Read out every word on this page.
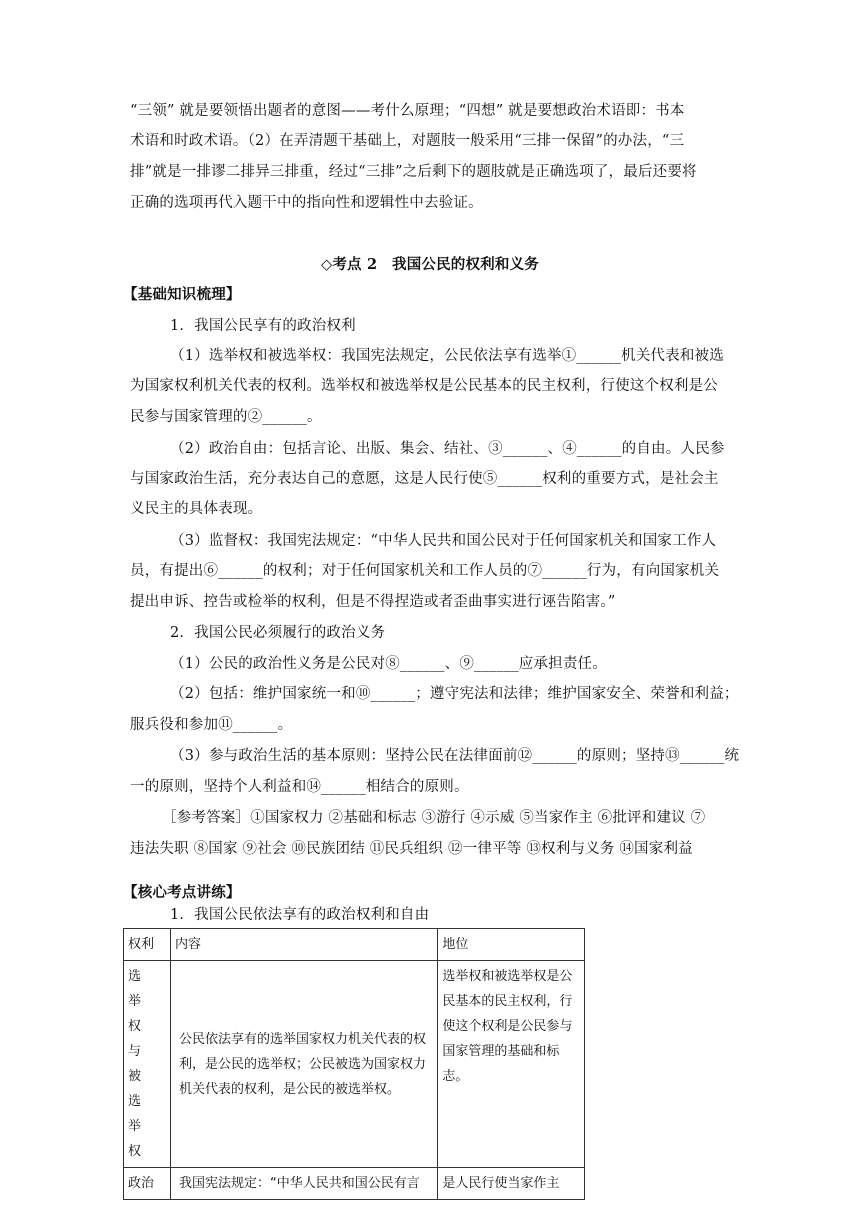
“三领” 就是要领悟出题者的意图——考什么原理；“四想” 就是要想政治术语即：书本
术语和时政术语。（2）在弄清题干基础上，对题肢一般采用“三排一保留”的办法，“三
排”就是一排谬二排异三排重，经过“三排”之后剩下的题肢就是正确选项了，最后还要将
正确的选项再代入题干中的指向性和逻辑性中去验证。
◇考点 2　我国公民的权利和义务
【基础知识梳理】
1．我国公民享有的政治权利
（1）选举权和被选举权：我国宪法规定，公民依法享有选举①______机关代表和被选
为国家权利机关代表的权利。选举权和被选举权是公民基本的民主权利，行使这个权利是公
民参与国家管理的②______。
（2）政治自由：包括言论、出版、集会、结社、③______、④______的自由。人民参
与国家政治生活，充分表达自己的意愿，这是人民行使⑤______权利的重要方式，是社会主
义民主的具体表现。
（3）监督权：我国宪法规定：“中华人民共和国公民对于任何国家机关和国家工作人
员，有提出⑥______的权利；对于任何国家机关和工作人员的⑦______行为，有向国家机关
提出申诉、控告或检举的权利，但是不得捏造或者歪曲事实进行诬告陷害。”
2．我国公民必须履行的政治义务
（1）公民的政治性义务是公民对⑧______、⑨______应承担责任。
（2）包括：维护国家统一和⑩______；遵守宪法和法律；维护国家安全、荣誉和利益；
服兵役和参加⑪______。
（3）参与政治生活的基本原则：坚持公民在法律面前⑫______的原则；坚持⑬______统
一的原则，坚持个人利益和⑭______相结合的原则。
［参考答案］①国家权力 ②基础和标志 ③游行 ④示威 ⑤当家作主 ⑥批评和建议 ⑦
违法失职 ⑧国家 ⑨社会 ⑩民族团结 ⑪民兵组织 ⑫一律平等 ⑬权利与义务 ⑭国家利益
【核心考点讲练】
1．我国公民依法享有的政治权利和自由
权利	内容	地位
选举权与被选举权	公民依法享有的选举国家权力机关代表的权利，是公民的选举权；公民被选为国家权力机关代表的权利，是公民的被选举权。	选举权和被选举权是公民基本的民主权利，行使这个权利是公民参与国家管理的基础和标志。
政治	我国宪法规定：“中华人民共和国公民有言	是人民行使当家作主
